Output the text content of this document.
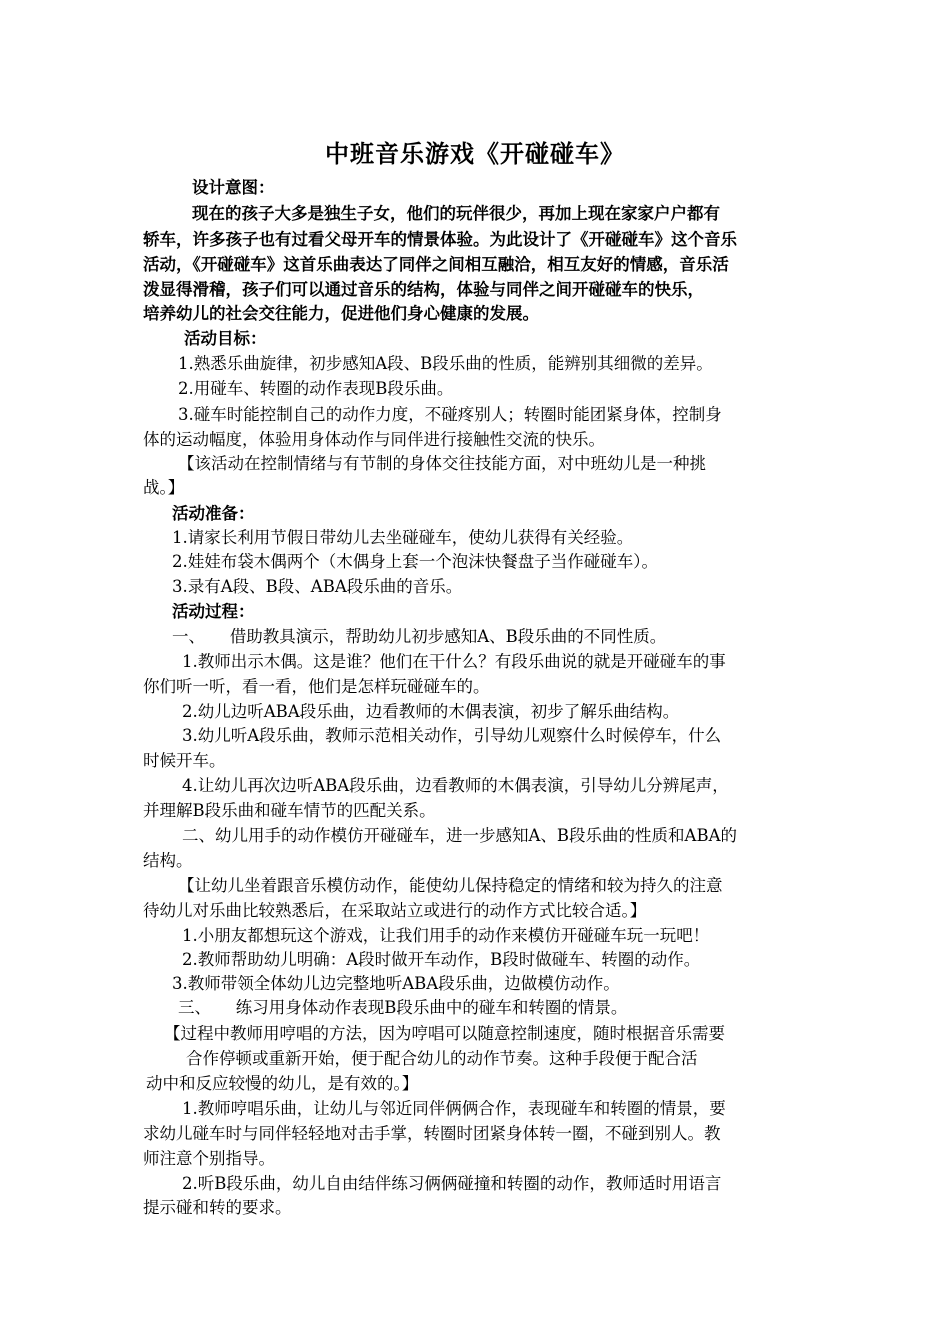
中班音乐游戏《开碰碰车》
设计意图：
现在的孩子大多是独生子女，他们的玩伴很少，再加上现在家家户户都有
轿车，许多孩子也有过看父母开车的情景体验。为此设计了《开碰碰车》这个音乐
活动，《开碰碰车》这首乐曲表达了同伴之间相互融洽，相互友好的情感，音乐活
泼显得滑稽，孩子们可以通过音乐的结构，体验与同伴之间开碰碰车的快乐，
培养幼儿的社会交往能力，促进他们身心健康的发展。
活动目标：
1.熟悉乐曲旋律，初步感知A段、B段乐曲的性质，能辨别其细微的差异。
2.用碰车、转圈的动作表现B段乐曲。
3.碰车时能控制自己的动作力度，不碰疼别人；转圈时能团紧身体，控制身
体的运动幅度，体验用身体动作与同伴进行接触性交流的快乐。
【该活动在控制情绪与有节制的身体交往技能方面，对中班幼儿是一种挑
战。】
活动准备：
1.请家长利用节假日带幼儿去坐碰碰车，使幼儿获得有关经验。
2.娃娃布袋木偶两个（木偶身上套一个泡沫快餐盘子当作碰碰车）。
3.录有A段、B段、ABA段乐曲的音乐。
活动过程：
一、　　借助教具演示，帮助幼儿初步感知A、B段乐曲的不同性质。
1.教师出示木偶。这是谁？他们在干什么？有段乐曲说的就是开碰碰车的事
你们听一听，看一看，他们是怎样玩碰碰车的。
2.幼儿边听ABA段乐曲，边看教师的木偶表演，初步了解乐曲结构。
3.幼儿听A段乐曲，教师示范相关动作，引导幼儿观察什么时候停车，什么
时候开车。
4.让幼儿再次边听ABA段乐曲，边看教师的木偶表演，引导幼儿分辨尾声，
并理解B段乐曲和碰车情节的匹配关系。
二、幼儿用手的动作模仿开碰碰车，进一步感知A、B段乐曲的性质和ABA的
结构。
【让幼儿坐着跟音乐模仿动作，能使幼儿保持稳定的情绪和较为持久的注意
待幼儿对乐曲比较熟悉后，在采取站立或进行的动作方式比较合适。】
1.小朋友都想玩这个游戏，让我们用手的动作来模仿开碰碰车玩一玩吧！
2.教师帮助幼儿明确：A段时做开车动作，B段时做碰车、转圈的动作。
3.教师带领全体幼儿边完整地听ABA段乐曲，边做模仿动作。
三、　　练习用身体动作表现B段乐曲中的碰车和转圈的情景。
【过程中教师用哼唱的方法，因为哼唱可以随意控制速度，随时根据音乐需要
合作停顿或重新开始，便于配合幼儿的动作节奏。这种手段便于配合活
动中和反应较慢的幼儿，是有效的。】
1.教师哼唱乐曲，让幼儿与邻近同伴俩俩合作，表现碰车和转圈的情景，要
求幼儿碰车时与同伴轻轻地对击手掌，转圈时团紧身体转一圈，不碰到别人。教
师注意个别指导。
2.听B段乐曲，幼儿自由结伴练习俩俩碰撞和转圈的动作，教师适时用语言
提示碰和转的要求。
